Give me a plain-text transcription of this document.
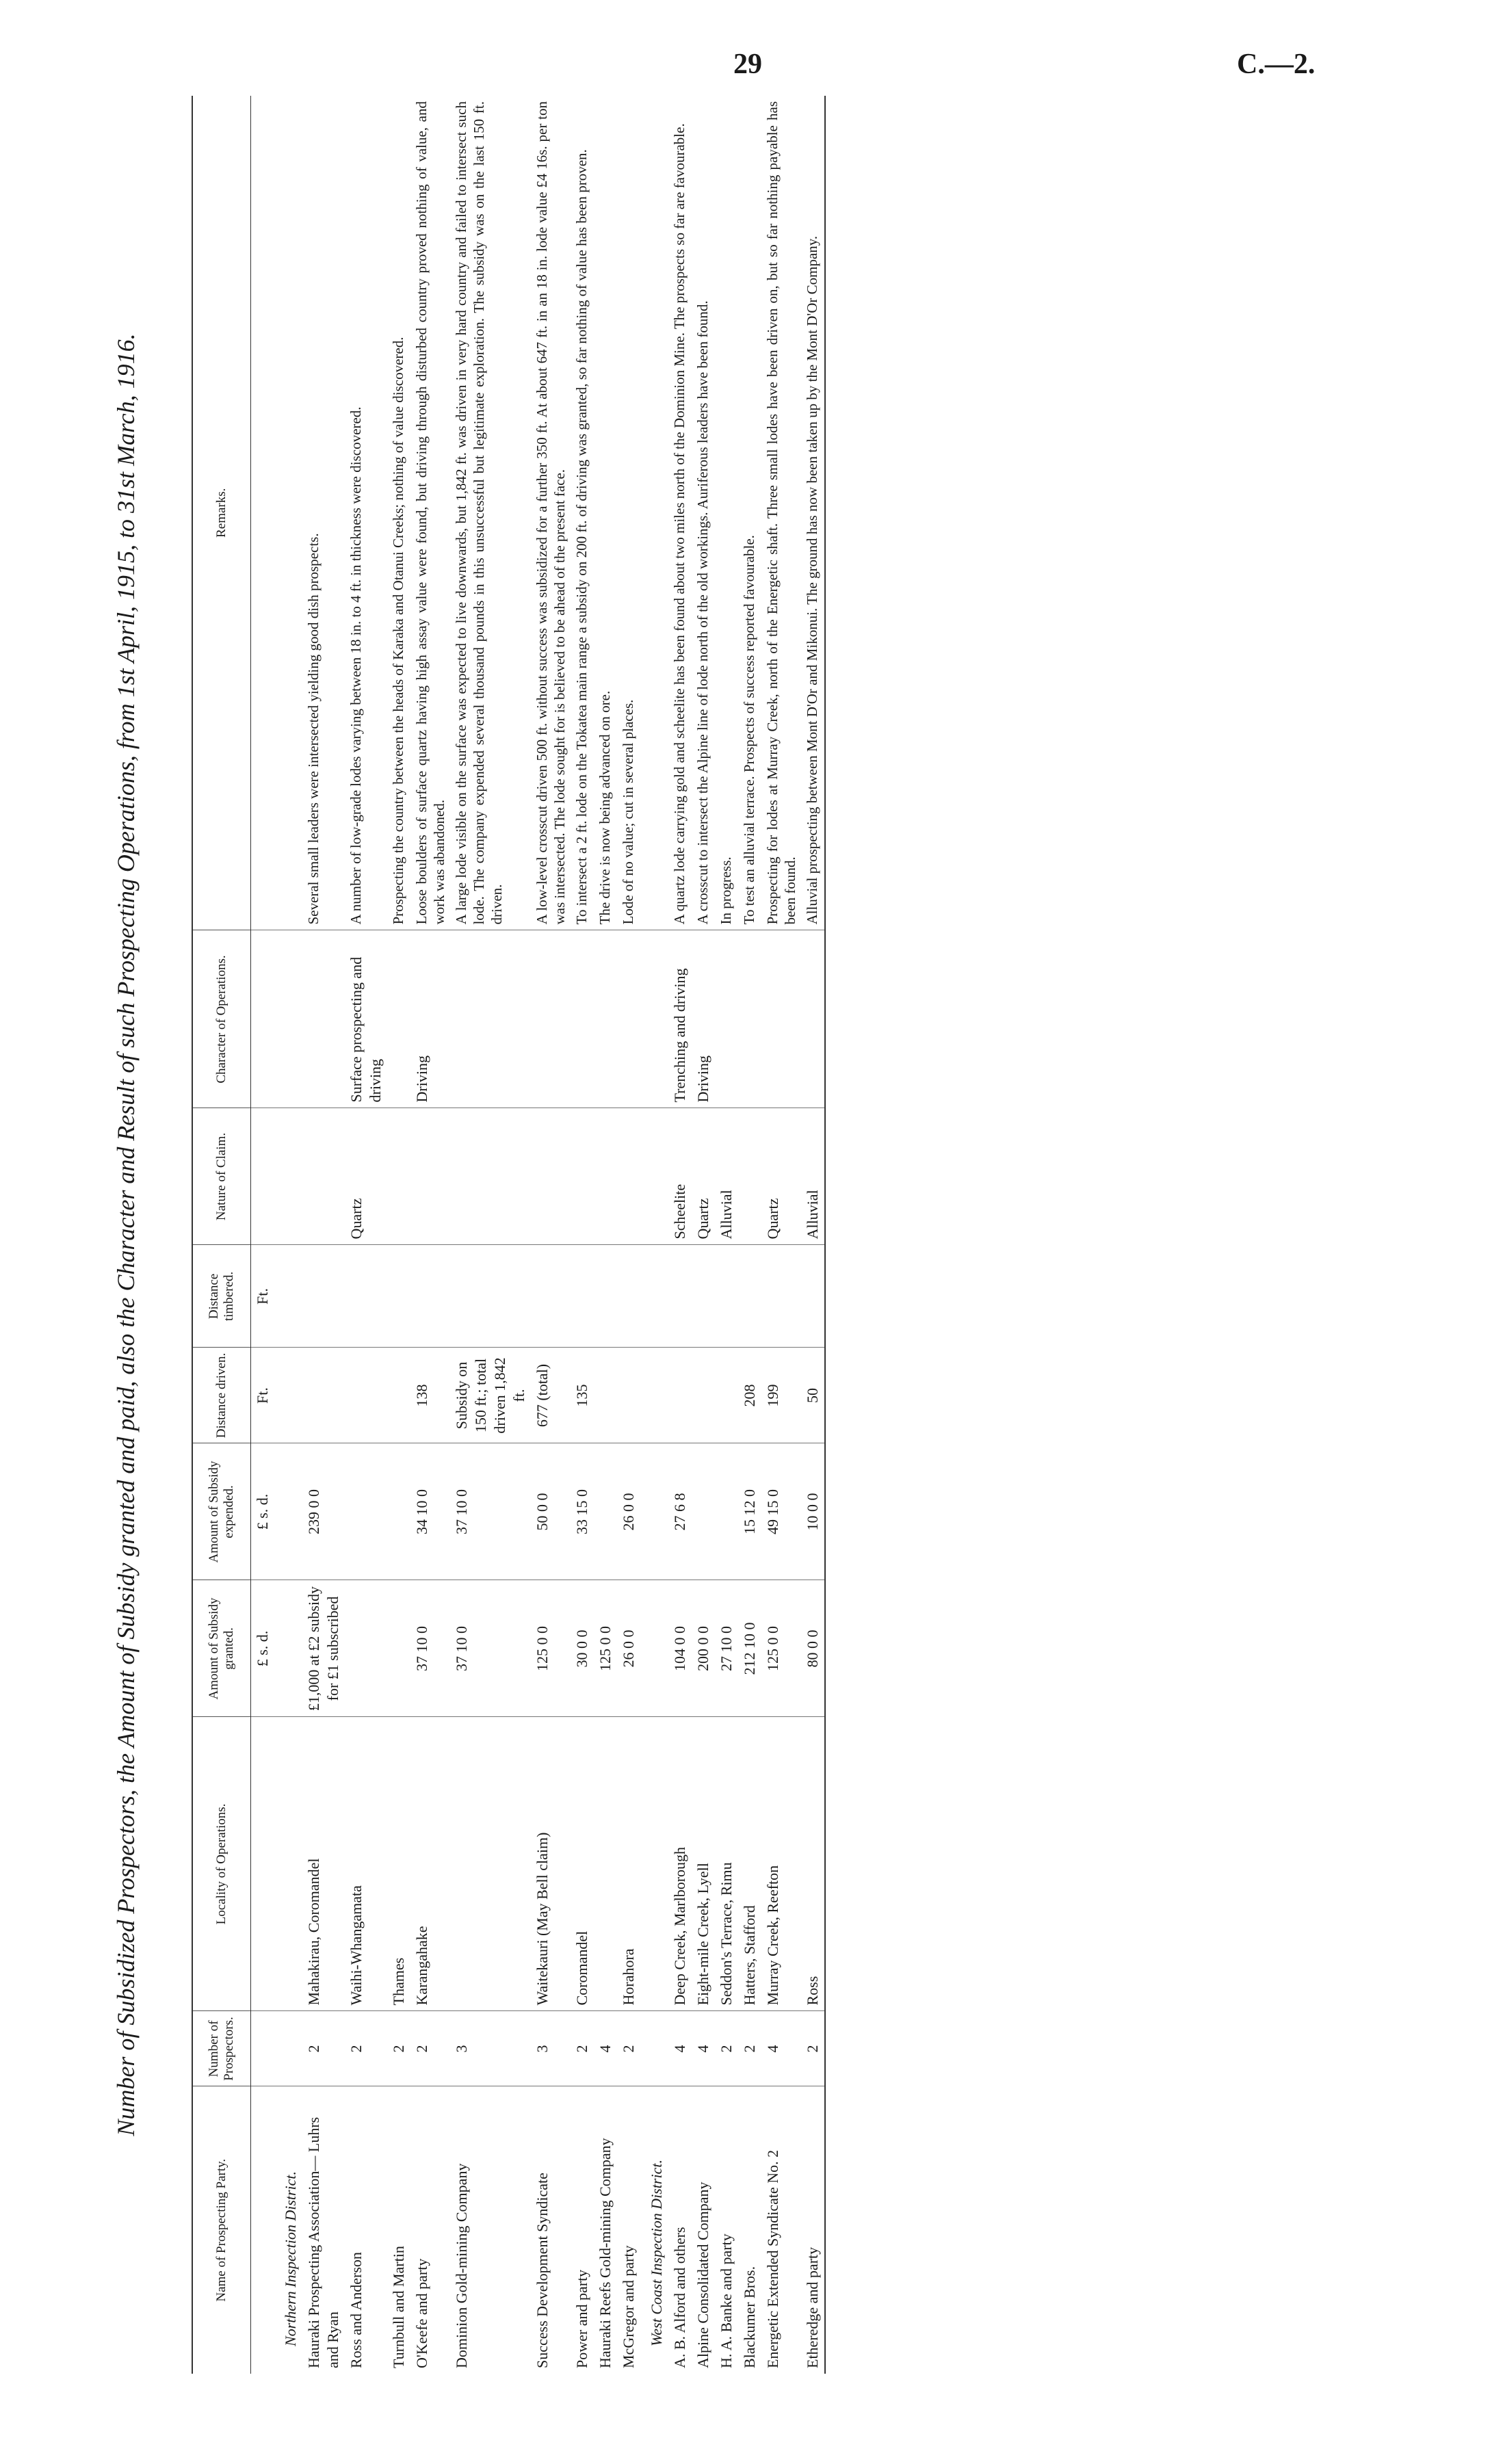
29	C.—2.
Number of Subsidized Prospectors, the Amount of Subsidy granted and paid, also the Character and Result of such Prospecting Operations, from 1st April, 1915, to 31st March, 1916.
Name of Prospecting Party.	Number of Prospectors.	Locality of Operations.	Amount of Subsidy granted.	Amount of Subsidy expended.	Distance driven.	Distance timbered.	Nature of Claim.	Character of Operations.	Remarks.
			£ s. d.	£ s. d.	Ft.	Ft.			
Northern Inspection District.									
Hauraki Prospecting Association— Luhrs and Ryan	2	Mahakirau, Coromandel	£1,000 at £2 subsidy for £1 subscribed	239 0 0					Several small leaders were intersected yielding good dish prospects.
Ross and Anderson	2	Waihi-Whangamata					Quartz	Surface prospecting and driving	A number of low-grade lodes varying between 18 in. to 4 ft. in thickness were discovered.
Turnbull and Martin	2	Thames							Prospecting the country between the heads of Karaka and Otanui Creeks; nothing of value discovered.
O'Keefe and party	2	Karangahake	37 10 0	34 10 0	138			Driving	Loose boulders of surface quartz having high assay value were found, but driving through disturbed country proved nothing of value, and work was abandoned.
Dominion Gold-mining Company	3		37 10 0	37 10 0	Subsidy on 150 ft.; total driven 1,842 ft.				A large lode visible on the surface was expected to live downwards, but 1,842 ft. was driven in very hard country and failed to intersect such lode. The company expended several thousand pounds in this unsuccessful but legitimate exploration. The subsidy was on the last 150 ft. driven.
Success Development Syndicate	3	Waitekauri (May Bell claim)	125 0 0	50 0 0	677 (total)				A low-level crosscut driven 500 ft. without success was subsidized for a further 350 ft. At about 647 ft. in an 18 in. lode value £4 16s. per ton was intersected. The lode sought for is believed to be ahead of the present face.
Power and party	2	Coromandel	30 0 0	33 15 0	135				To intersect a 2 ft. lode on the Tokatea main range a subsidy on 200 ft. of driving was granted, so far nothing of value has been proven.
Hauraki Reefs Gold-mining Company	4		125 0 0						The drive is now being advanced on ore.
McGregor and party	2	Horahora	26 0 0	26 0 0					Lode of no value; cut in several places.
West Coast Inspection District.									
A. B. Alford and others	4	Deep Creek, Marlborough	104 0 0	27 6 8			Scheelite	Trenching and driving	A quartz lode carrying gold and scheelite has been found about two miles north of the Dominion Mine. The prospects so far are favourable.
Alpine Consolidated Company	4	Eight-mile Creek, Lyell	200 0 0				Quartz	Driving	A crosscut to intersect the Alpine line of lode north of the old workings. Auriferous leaders have been found.
H. A. Banke and party	2	Seddon's Terrace, Rimu	27 10 0				Alluvial		In progress.
Blackumer Bros.	2	Hatters, Stafford	212 10 0	15 12 0	208				To test an alluvial terrace. Prospects of success reported favourable.
Energetic Extended Syndicate No. 2	4	Murray Creek, Reefton	125 0 0	49 15 0	199		Quartz		Prospecting for lodes at Murray Creek, north of the Energetic shaft. Three small lodes have been driven on, but so far nothing payable has been found.
Etheredge and party	2	Ross	80 0 0	10 0 0	50		Alluvial		Alluvial prospecting between Mont D'Or and Mikonui. The ground has now been taken up by the Mont D'Or Company.
